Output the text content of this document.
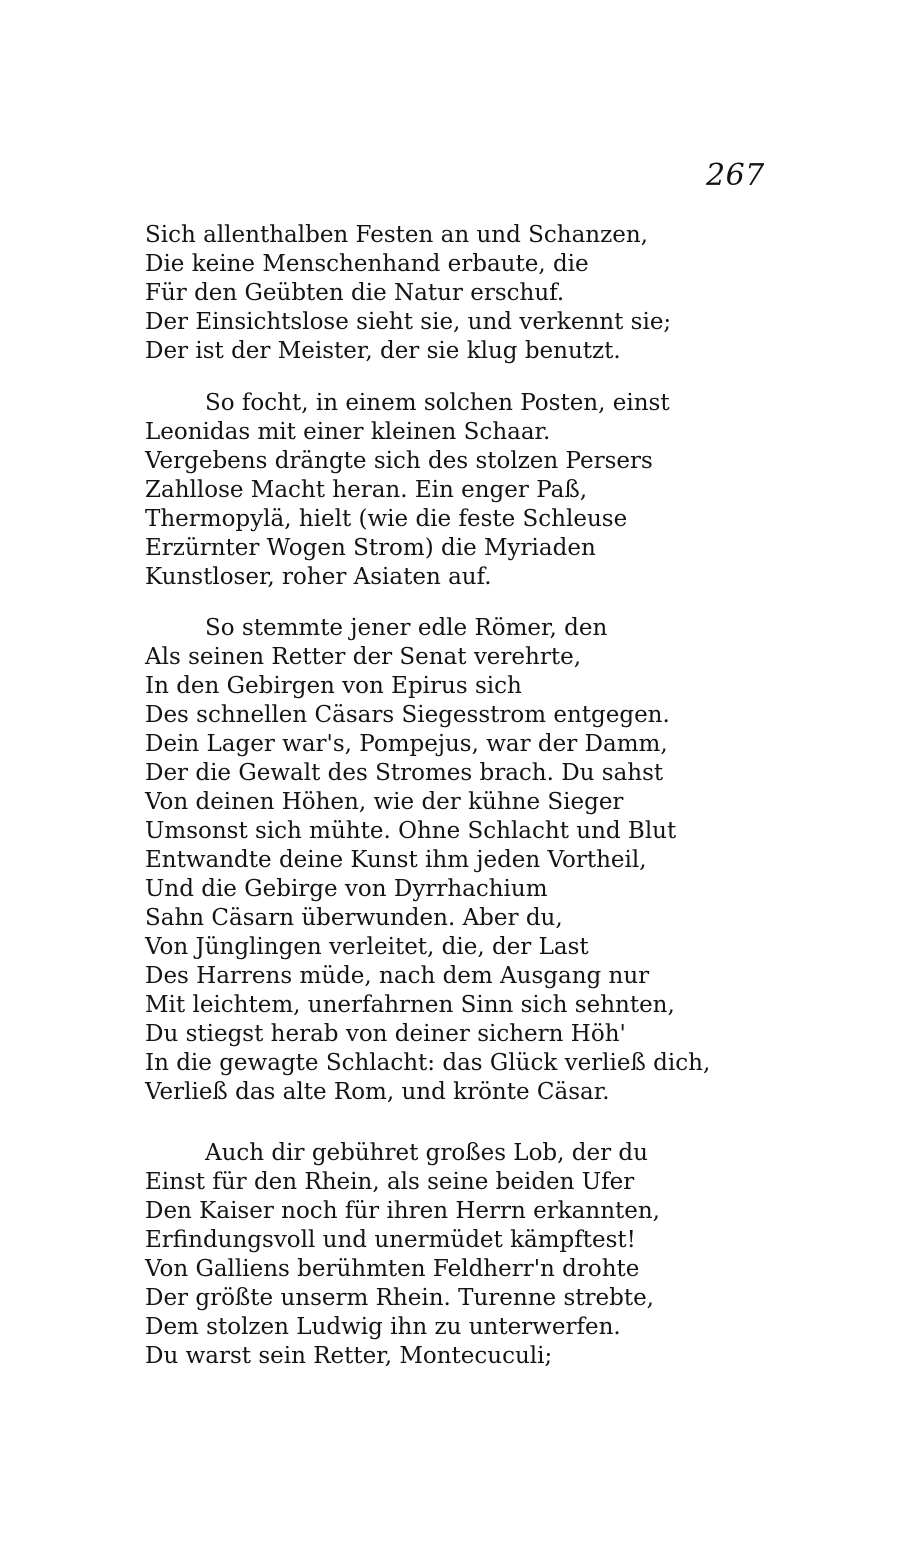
267
Sich allenthalben Festen an und Schanzen,
Die keine Menschenhand erbaute, die
Für den Geübten die Natur erschuf.
Der Einsichtslose sieht sie, und verkennt sie;
Der ist der Meister, der sie klug benutzt.
So focht, in einem solchen Posten, einst
Leonidas mit einer kleinen Schaar.
Vergebens drängte sich des stolzen Persers
Zahllose Macht heran. Ein enger Paß,
Thermopylä, hielt (wie die feste Schleuse
Erzürnter Wogen Strom) die Myriaden
Kunstloser, roher Asiaten auf.
So stemmte jener edle Römer, den
Als seinen Retter der Senat verehrte,
In den Gebirgen von Epirus sich
Des schnellen Cäsars Siegesstrom entgegen.
Dein Lager war's, Pompejus, war der Damm,
Der die Gewalt des Stromes brach. Du sahst
Von deinen Höhen, wie der kühne Sieger
Umsonst sich mühte. Ohne Schlacht und Blut
Entwandte deine Kunst ihm jeden Vortheil,
Und die Gebirge von Dyrrhachium
Sahn Cäsarn überwunden. Aber du,
Von Jünglingen verleitet, die, der Last
Des Harrens müde, nach dem Ausgang nur
Mit leichtem, unerfahrnen Sinn sich sehnten,
Du stiegst herab von deiner sichern Höh'
In die gewagte Schlacht: das Glück verließ dich,
Verließ das alte Rom, und krönte Cäsar.
Auch dir gebühret großes Lob, der du
Einst für den Rhein, als seine beiden Ufer
Den Kaiser noch für ihren Herrn erkannten,
Erfindungsvoll und unermüdet kämpftest!
Von Galliens berühmten Feldherr'n drohte
Der größte unserm Rhein. Turenne strebte,
Dem stolzen Ludwig ihn zu unterwerfen.
Du warst sein Retter, Montecuculi;
